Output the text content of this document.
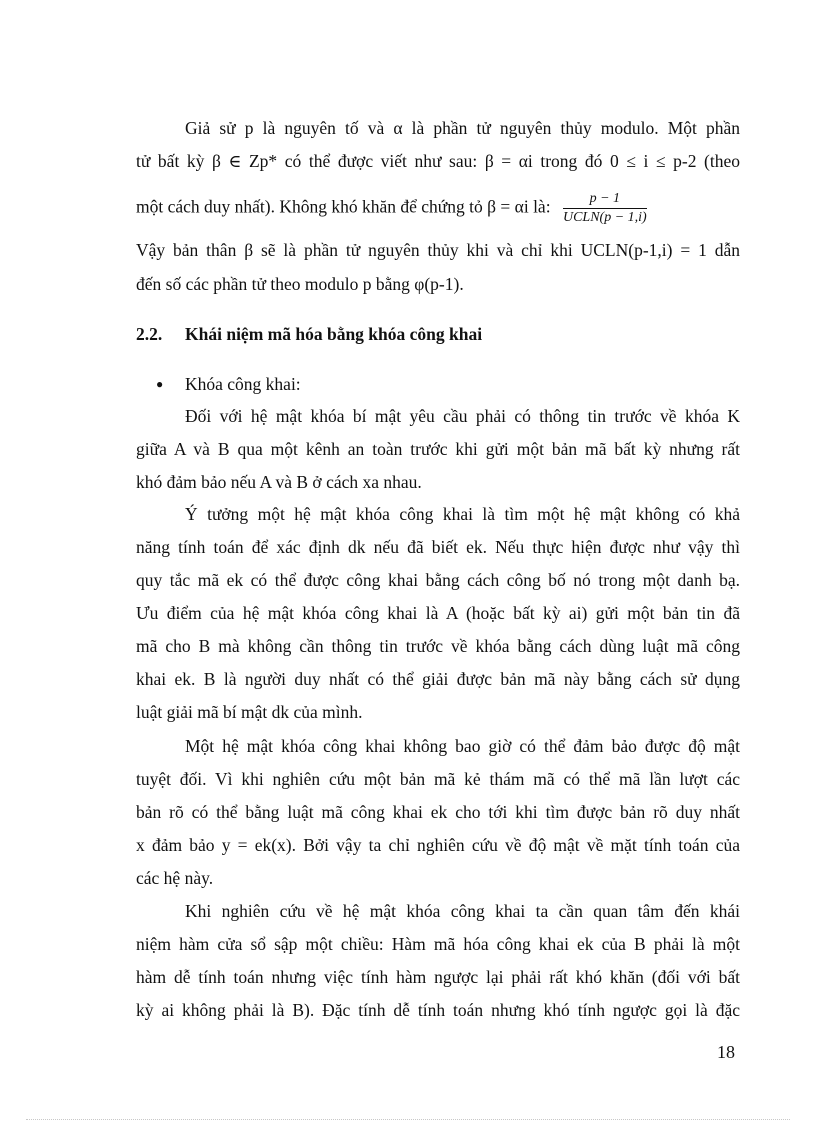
Giả sử p là nguyên tố và α là phần tử nguyên thủy modulo. Một phần
tử bất kỳ β ∈ Zp* có thể được viết như sau: β = αi trong đó 0 ≤ i ≤ p-2 (theo
một cách duy nhất). Không khó khăn để chứng tỏ β = αi là: $\frac{p - 1}{\text{UCLN(p − 1,i)}}$
Vậy bản thân β sẽ là phần tử nguyên thủy khi và chỉ khi UCLN(p-1,i) = 1 dẫn
đến số các phần tử theo modulo p bằng φ(p-1).
2.2. Khái niệm mã hóa bằng khóa công khai
● Khóa công khai:
Đối với hệ mật khóa bí mật yêu cầu phải có thông tin trước về khóa K
giữa A và B qua một kênh an toàn trước khi gửi một bản mã bất kỳ nhưng rất
khó đảm bảo nếu A và B ở cách xa nhau.
Ý tưởng một hệ mật khóa công khai là tìm một hệ mật không có khả
năng tính toán để xác định dk nếu đã biết ek. Nếu thực hiện được như vậy thì
quy tắc mã ek có thể được công khai bằng cách công bố nó trong một danh bạ.
Ưu điểm của hệ mật khóa công khai là A (hoặc bất kỳ ai) gửi một bản tin đã
mã cho B mà không cần thông tin trước về khóa bằng cách dùng luật mã công
khai ek. B là người duy nhất có thể giải được bản mã này bằng cách sử dụng
luật giải mã bí mật dk của mình.
Một hệ mật khóa công khai không bao giờ có thể đảm bảo được độ mật
tuyệt đối. Vì khi nghiên cứu một bản mã kẻ thám mã có thể mã lần lượt các
bản rõ có thể bằng luật mã công khai ek cho tới khi tìm được bản rõ duy nhất
x đảm bảo y = ek(x). Bởi vậy ta chỉ nghiên cứu về độ mật về mặt tính toán của
các hệ này.
Khi nghiên cứu về hệ mật khóa công khai ta cần quan tâm đến khái
niệm hàm cửa sổ sập một chiều: Hàm mã hóa công khai ek của B phải là một
hàm dễ tính toán nhưng việc tính hàm ngược lại phải rất khó khăn (đối với bất
kỳ ai không phải là B). Đặc tính dễ tính toán nhưng khó tính ngược gọi là đặc
18
